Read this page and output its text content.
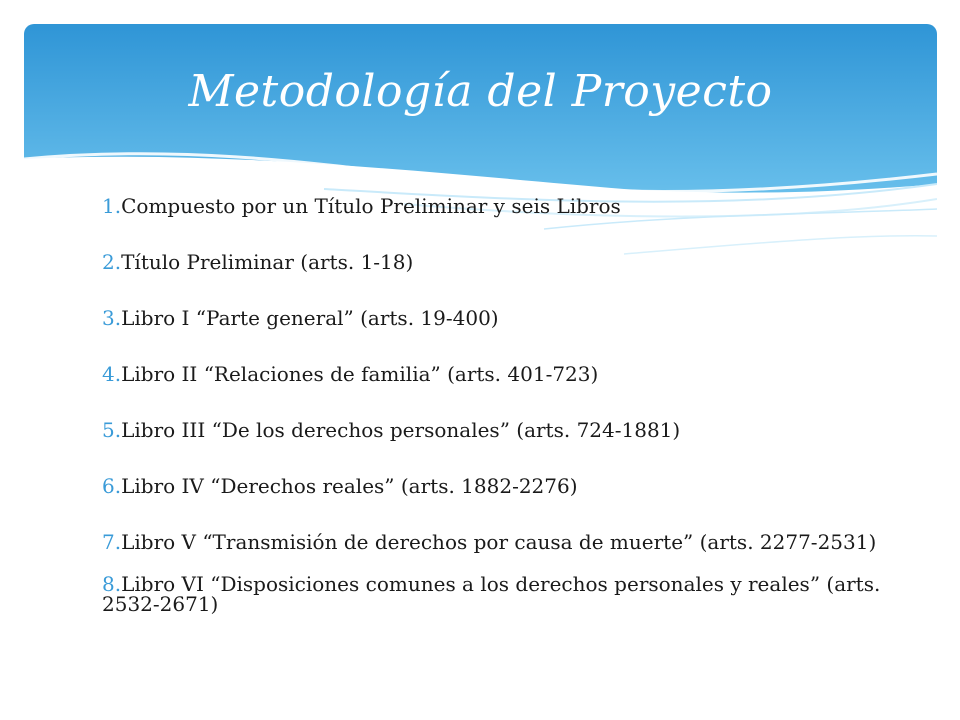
Metodología del Proyecto
1.Compuesto por un Título Preliminar y seis Libros
2.Título Preliminar (arts. 1-18)
3.Libro I “Parte general” (arts. 19-400)
4.Libro II “Relaciones de familia” (arts. 401-723)
5.Libro III “De los derechos personales” (arts. 724-1881)
6.Libro IV “Derechos reales” (arts. 1882-2276)
7.Libro V “Transmisión de derechos por causa de muerte” (arts. 2277-2531)
8.Libro VI “Disposiciones comunes a los derechos personales y reales” (arts. 2532-2671)
